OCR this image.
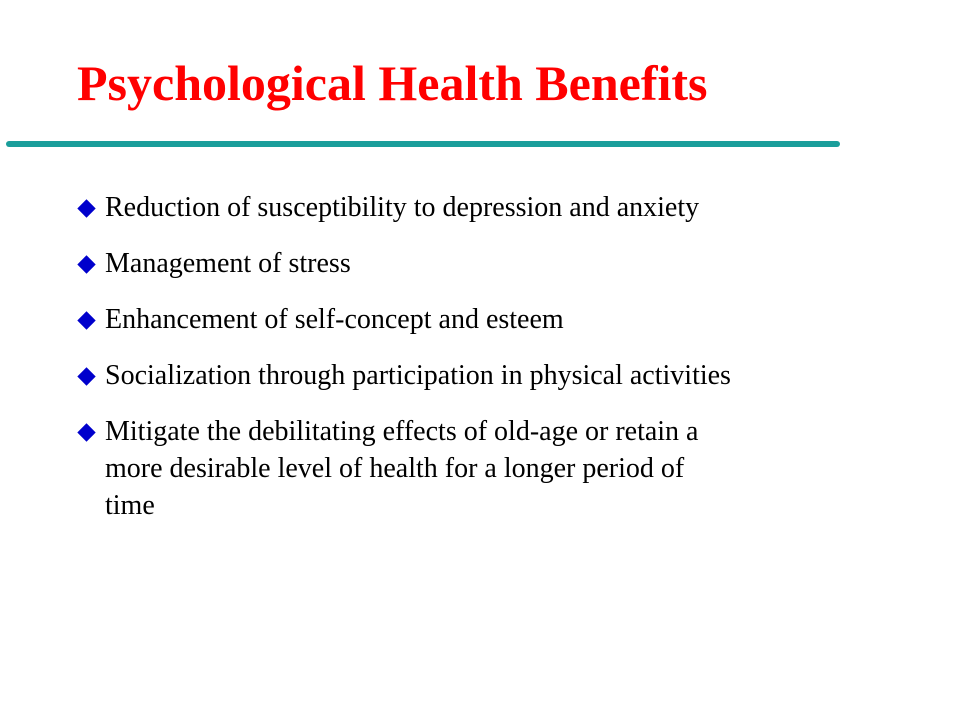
Psychological Health Benefits
Reduction of susceptibility to depression and anxiety
Management of stress
Enhancement of self-concept and esteem
Socialization through participation in physical activities
Mitigate the debilitating effects of old-age or retain a
more desirable level of health for a longer period of
time
